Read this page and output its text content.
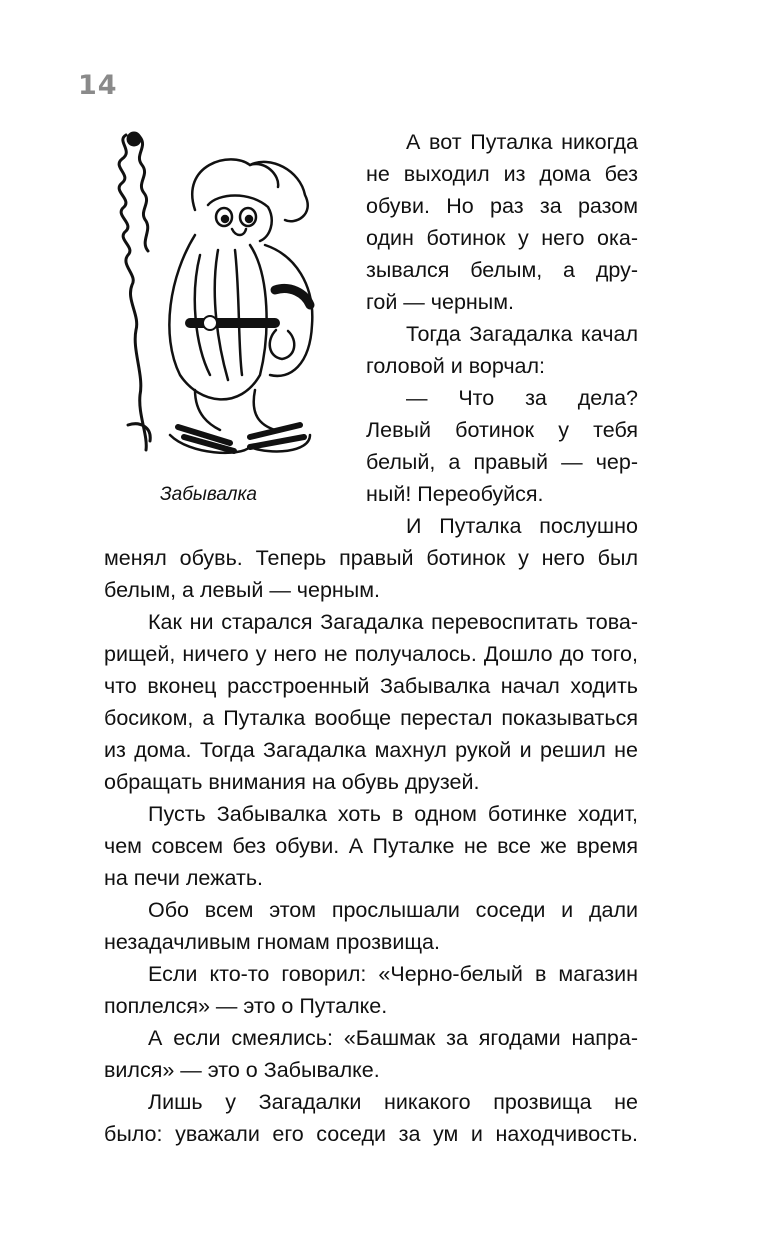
14
Забывалка
А вот Путалка никогда
не выходил из дома без
обуви. Но раз за разом
один ботинок у него ока-
зывался белым, а дру-
гой — черным.
Тогда Загадалка качал
головой и ворчал:
— Что за дела?
Левый ботинок у тебя
белый, а правый — чер-
ный! Переобуйся.
И Путалка послушно
менял обувь. Теперь правый ботинок у него был
белым, а левый — черным.
Как ни старался Загадалка перевоспитать това-
рищей, ничего у него не получалось. Дошло до того,
что вконец расстроенный Забывалка начал ходить
босиком, а Путалка вообще перестал показываться
из дома. Тогда Загадалка махнул рукой и решил не
обращать внимания на обувь друзей.
Пусть Забывалка хоть в одном ботинке ходит,
чем совсем без обуви. А Путалке не все же время
на печи лежать.
Обо всем этом прослышали соседи и дали
незадачливым гномам прозвища.
Если кто-то говорил: «Черно-белый в магазин
поплелся» — это о Путалке.
А если смеялись: «Башмак за ягодами напра-
вился» — это о Забывалке.
Лишь у Загадалки никакого прозвища не
было: уважали его соседи за ум и находчивость.
